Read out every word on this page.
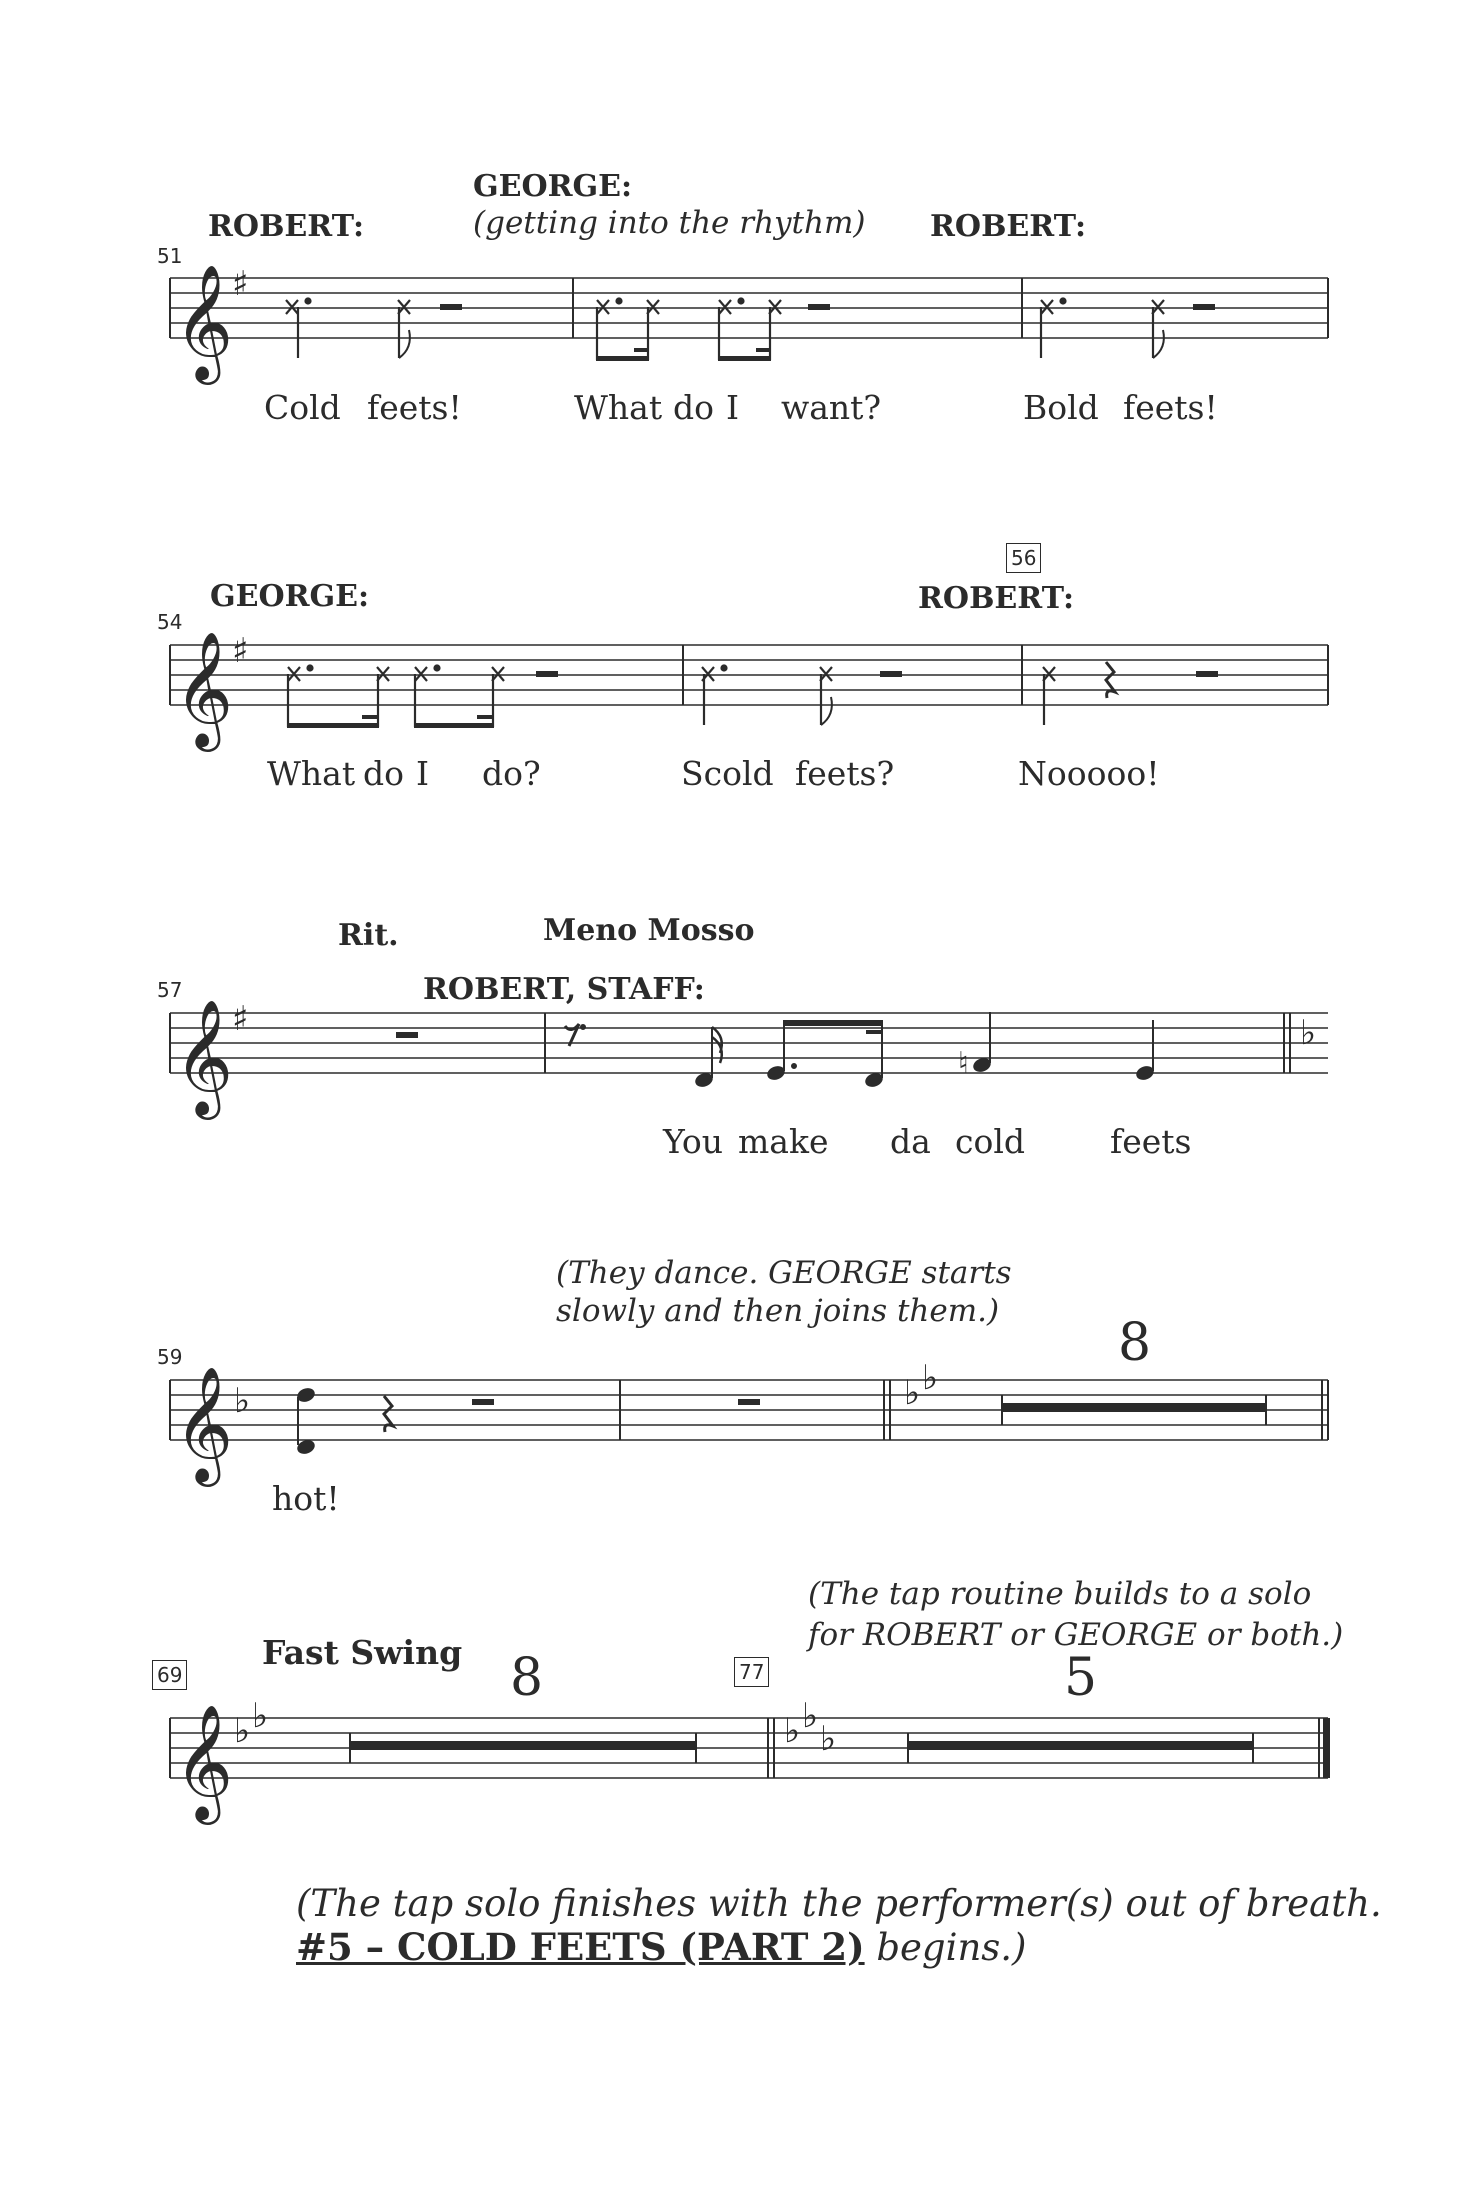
𝄞
♯
𝄞
♯
𝄞
♯
♮
♭
𝄞 ♭	♭ ♭
𝄞 ♭ ♭	♭ ♭
♭
GEORGE:
ROBERT:	(getting into the rhythm) ROBERT:
51
Cold feets!	What do I want?	Bold feets!
56
GEORGE:	ROBERT:
54
What do I do?	Scold feets?	Nooooo!
Rit.	Meno Mosso
ROBERT, STAFF:
57
You make da cold	feets
(They dance. GEORGE starts
slowly and then joins them.)
8
59
hot!
(The tap routine builds to a solo
for ROBERT or GEORGE or both.)
Fast Swing 8	5
69	77
(The tap solo finishes with the performer(s) out of breath.
#5 – COLD FEETS (PART 2) begins.)
